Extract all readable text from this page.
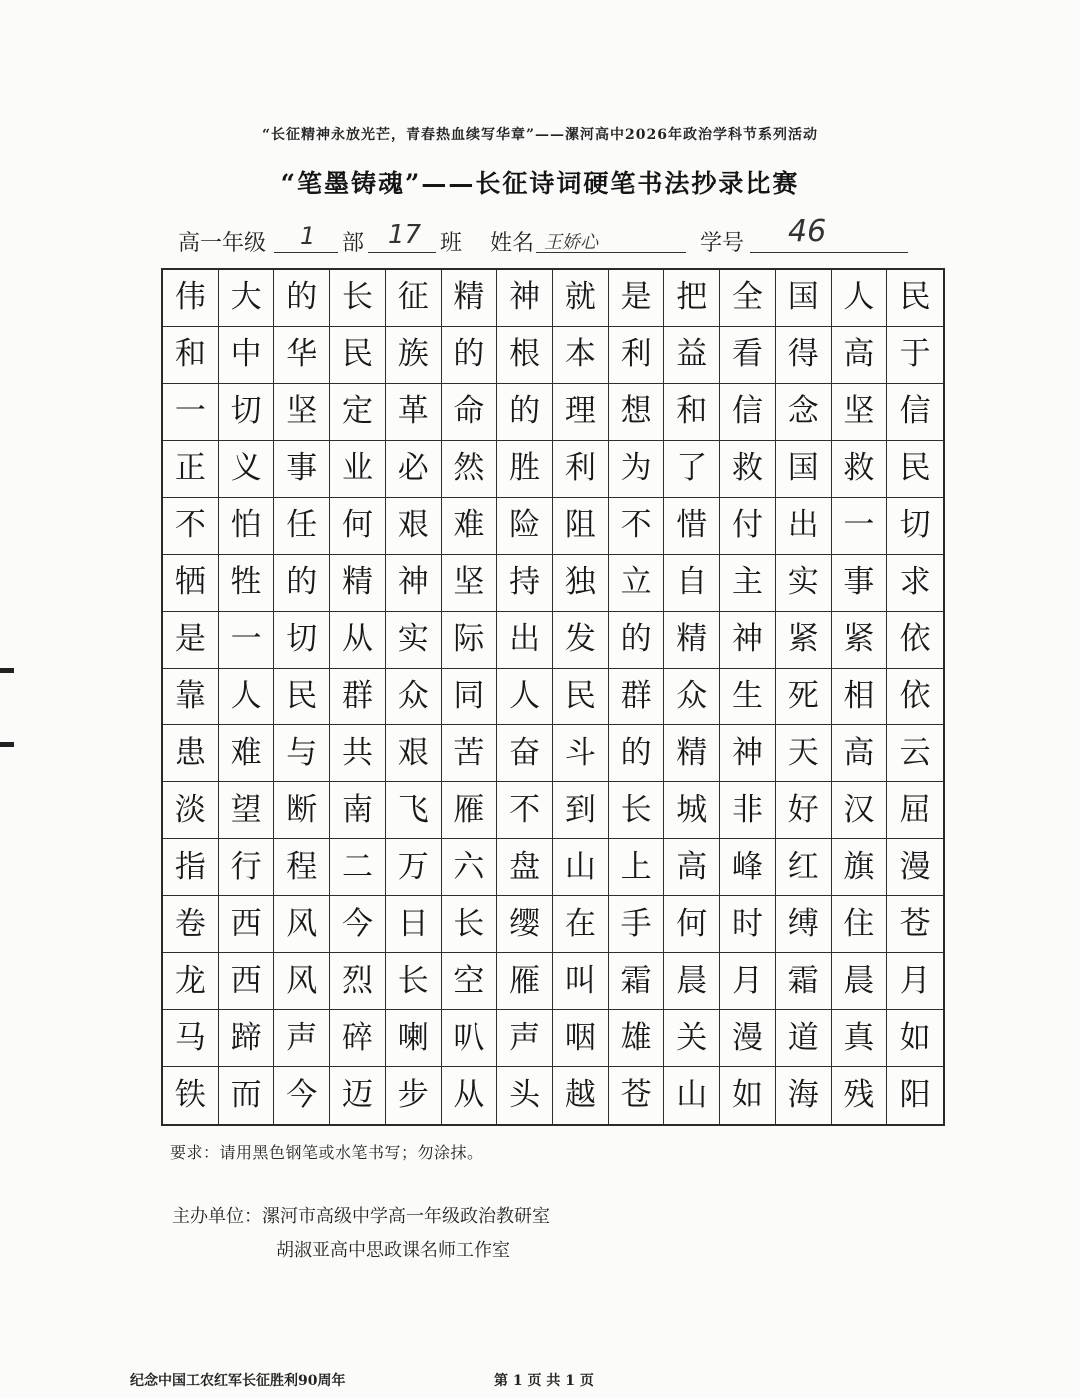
“长征精神永放光芒，青春热血续写华章”——漯河高中2026年政治学科节系列活动
“笔墨铸魂”——长征诗词硬笔书法抄录比赛
高一年级 1 部 17 班 姓名 王娇心	学号 46
伟 大 的 长 征 精 神 就 是 把 全 国 人 民
和 中 华 民 族 的 根 本 利 益 看 得 高 于
一 切 坚 定 革 命 的 理 想 和 信 念 坚 信
正 义 事 业 必 然 胜 利 为 了 救 国 救 民
不 怕 任 何 艰 难 险 阻 不 惜 付 出 一 切
牺 牲 的 精 神 坚 持 独 立 自 主 实 事 求
是 一 切 从 实 际 出 发 的 精 神 紧 紧 依
靠 人 民 群 众 同 人 民 群 众 生 死 相 依
患 难 与 共 艰 苦 奋 斗 的 精 神 天 高 云
淡 望 断 南 飞 雁 不 到 长 城 非 好 汉 屈
指 行 程 二 万 六 盘 山 上 高 峰 红 旗 漫
卷 西 风 今 日 长 缨 在 手 何 时 缚 住 苍
龙 西 风 烈 长 空 雁 叫 霜 晨 月 霜 晨 月
马 蹄 声 碎 喇 叭 声 咽 雄 关 漫 道 真 如
铁 而 今 迈 步 从 头 越 苍 山 如 海 残 阳
要求：请用黑色钢笔或水笔书写；勿涂抹。
主办单位：漯河市高级中学高一年级政治教研室
胡淑亚高中思政课名师工作室
纪念中国工农红军长征胜利90周年	第 1 页 共 1 页
